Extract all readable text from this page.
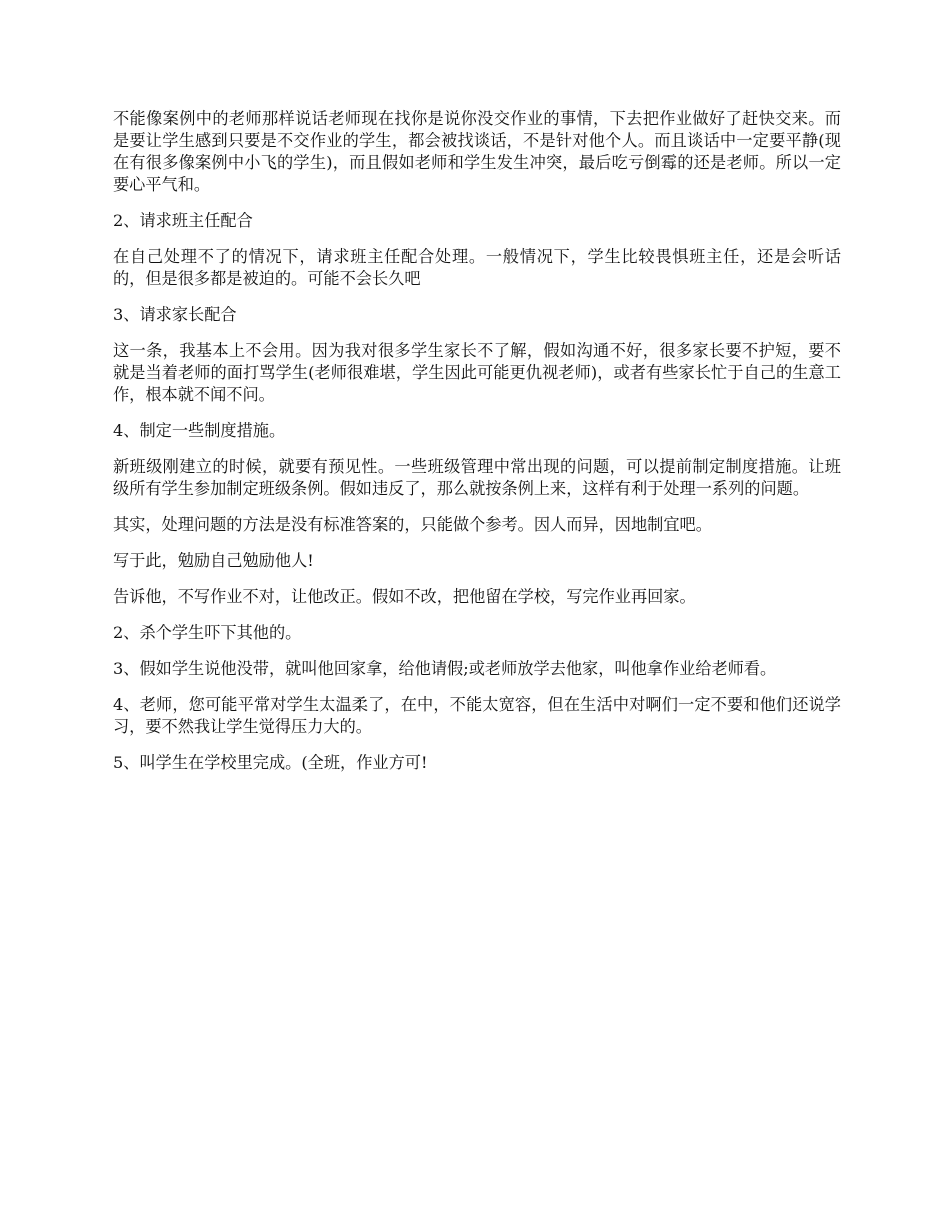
不能像案例中的老师那样说话老师现在找你是说你没交作业的事情，下去把作业做好了赶快交来。而是要让学生感到只要是不交作业的学生，都会被找谈话，不是针对他个人。而且谈话中一定要平静(现在有很多像案例中小飞的学生)，而且假如老师和学生发生冲突，最后吃亏倒霉的还是老师。所以一定要心平气和。

2、请求班主任配合

在自己处理不了的情况下，请求班主任配合处理。一般情况下，学生比较畏惧班主任，还是会听话的，但是很多都是被迫的。可能不会长久吧

3、请求家长配合

这一条，我基本上不会用。因为我对很多学生家长不了解，假如沟通不好，很多家长要不护短，要不就是当着老师的面打骂学生(老师很难堪，学生因此可能更仇视老师)，或者有些家长忙于自己的生意工作，根本就不闻不问。

4、制定一些制度措施。

新班级刚建立的时候，就要有预见性。一些班级管理中常出现的问题，可以提前制定制度措施。让班级所有学生参加制定班级条例。假如违反了，那么就按条例上来，这样有利于处理一系列的问题。

其实，处理问题的方法是没有标准答案的，只能做个参考。因人而异，因地制宜吧。

写于此，勉励自己勉励他人!

告诉他，不写作业不对，让他改正。假如不改，把他留在学校，写完作业再回家。

2、杀个学生吓下其他的。

3、假如学生说他没带，就叫他回家拿，给他请假;或老师放学去他家，叫他拿作业给老师看。

4、老师，您可能平常对学生太温柔了，在中，不能太宽容，但在生活中对啊们一定不要和他们还说学习，要不然我让学生觉得压力大的。

5、叫学生在学校里完成。(全班，作业方可!
